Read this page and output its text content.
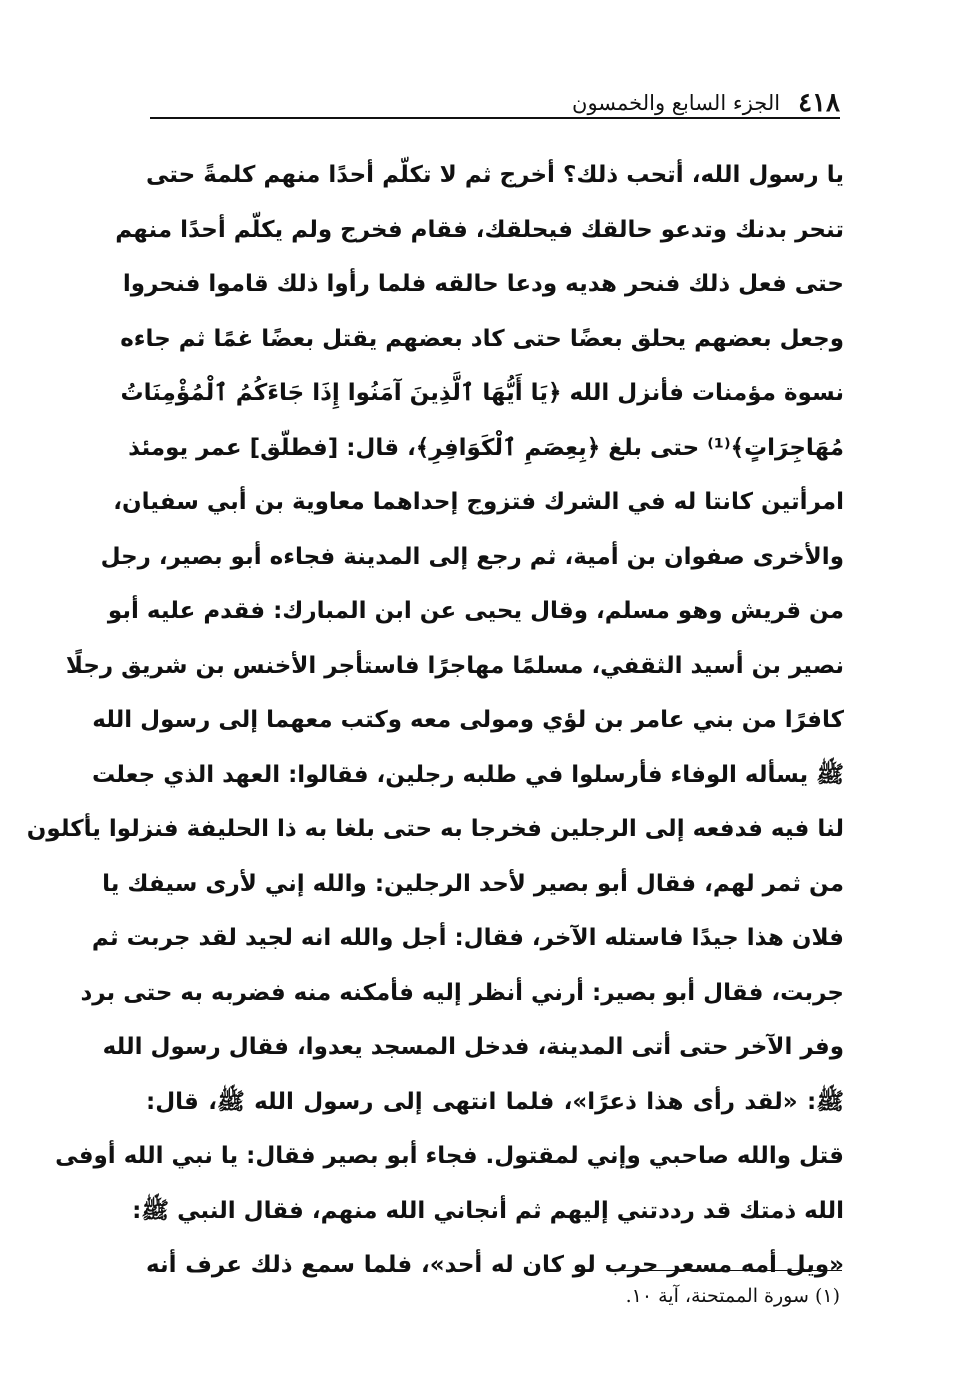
٤١٨
الجزء السابع والخمسون
يا رسول الله، أتحب ذلك؟ أخرج ثم لا تكلّم أحدًا منهم كلمةً حتى
تنحر بدنك وتدعو حالقك فيحلقك، فقام فخرج ولم يكلّم أحدًا منهم
حتى فعل ذلك فنحر هديه ودعا حالقه فلما رأوا ذلك قاموا فنحروا
وجعل بعضهم يحلق بعضًا حتى كاد بعضهم يقتل بعضًا غمًا ثم جاءه
نسوة مؤمنات فأنزل الله ﴿يَا أَيُّهَا ٱلَّذِينَ آمَنُوا إِذَا جَاءَكُمُ ٱلْمُؤْمِنَاتُ
مُهَاجِرَاتٍ﴾⁽¹⁾ حتى بلغ ﴿بِعِصَمِ ٱلْكَوَافِرِ﴾، قال: [فطلّق] عمر يومئذ
امرأتين كانتا له في الشرك فتزوج إحداهما معاوية بن أبي سفيان،
والأخرى صفوان بن أمية، ثم رجع إلى المدينة فجاءه أبو بصير، رجل
من قريش وهو مسلم، وقال يحيى عن ابن المبارك: فقدم عليه أبو
نصير بن أسيد الثقفي، مسلمًا مهاجرًا فاستأجر الأخنس بن شريق رجلًا
كافرًا من بني عامر بن لؤي ومولى معه وكتب معهما إلى رسول الله
ﷺ يسأله الوفاء فأرسلوا في طلبه رجلين، فقالوا: العهد الذي جعلت
لنا فيه فدفعه إلى الرجلين فخرجا به حتى بلغا به ذا الحليفة فنزلوا يأكلون
من ثمر لهم، فقال أبو بصير لأحد الرجلين: والله إني لأرى سيفك يا
فلان هذا جيدًا فاستله الآخر، فقال: أجل والله انه لجيد لقد جربت ثم
جربت، فقال أبو بصير: أرني أنظر إليه فأمكنه منه فضربه به حتى برد
وفر الآخر حتى أتى المدينة، فدخل المسجد يعدوا، فقال رسول الله
ﷺ: «لقد رأى هذا ذعرًا»، فلما انتهى إلى رسول الله ﷺ، قال:
قتل والله صاحبي وإني لمقتول. فجاء أبو بصير فقال: يا نبي الله أوفى
الله ذمتك قد رددتني إليهم ثم أنجاني الله منهم، فقال النبي ﷺ:
«ويل أمه مسعر حرب لو كان له أحد»، فلما سمع ذلك عرف أنه
(١) سورة الممتحنة، آية ١٠.
